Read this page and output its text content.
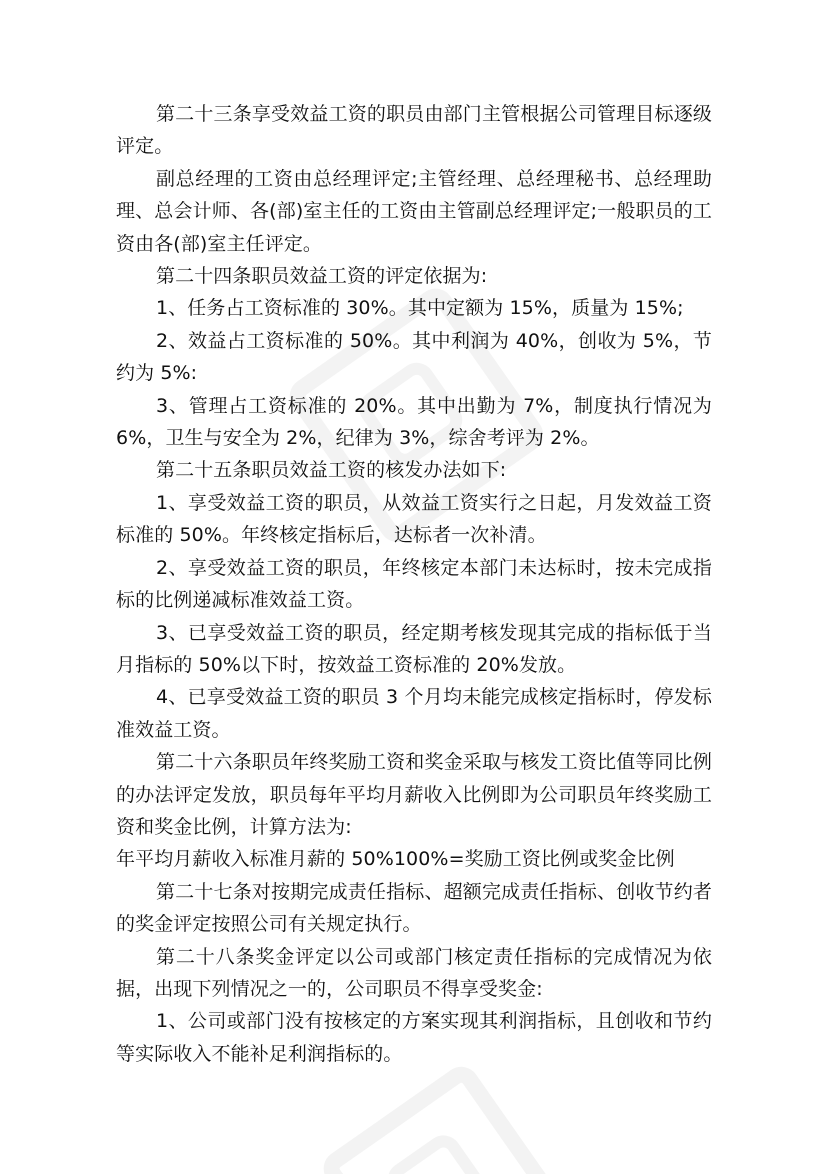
第二十三条享受效益工资的职员由部门主管根据公司管理目标逐级评定。

副总经理的工资由总经理评定;主管经理、总经理秘书、总经理助理、总会计师、各(部)室主任的工资由主管副总经理评定;一般职员的工资由各(部)室主任评定。

第二十四条职员效益工资的评定依据为:

1、任务占工资标准的 30%。其中定额为 15%，质量为 15%;

2、效益占工资标准的 50%。其中利润为 40%，创收为 5%，节约为 5%:

3、管理占工资标准的 20%。其中出勤为 7%，制度执行情况为 6%，卫生与安全为 2%，纪律为 3%，综舍考评为 2%。

第二十五条职员效益工资的核发办法如下:

1、享受效益工资的职员，从效益工资实行之日起，月发效益工资标准的 50%。年终核定指标后，达标者一次补清。

2、享受效益工资的职员，年终核定本部门未达标时，按未完成指标的比例递减标准效益工资。

3、已享受效益工资的职员，经定期考核发现其完成的指标低于当月指标的 50%以下时，按效益工资标准的 20%发放。

4、已享受效益工资的职员 3 个月均未能完成核定指标时，停发标准效益工资。

第二十六条职员年终奖励工资和奖金采取与核发工资比值等同比例的办法评定发放，职员每年平均月薪收入比例即为公司职员年终奖励工资和奖金比例，计算方法为:

年平均月薪收入标准月薪的 50%100%=奖励工资比例或奖金比例

第二十七条对按期完成责任指标、超额完成责任指标、创收节约者的奖金评定按照公司有关规定执行。

第二十八条奖金评定以公司或部门核定责任指标的完成情况为依据，出现下列情况之一的，公司职员不得享受奖金:

1、公司或部门没有按核定的方案实现其利润指标，且创收和节约等实际收入不能补足利润指标的。
